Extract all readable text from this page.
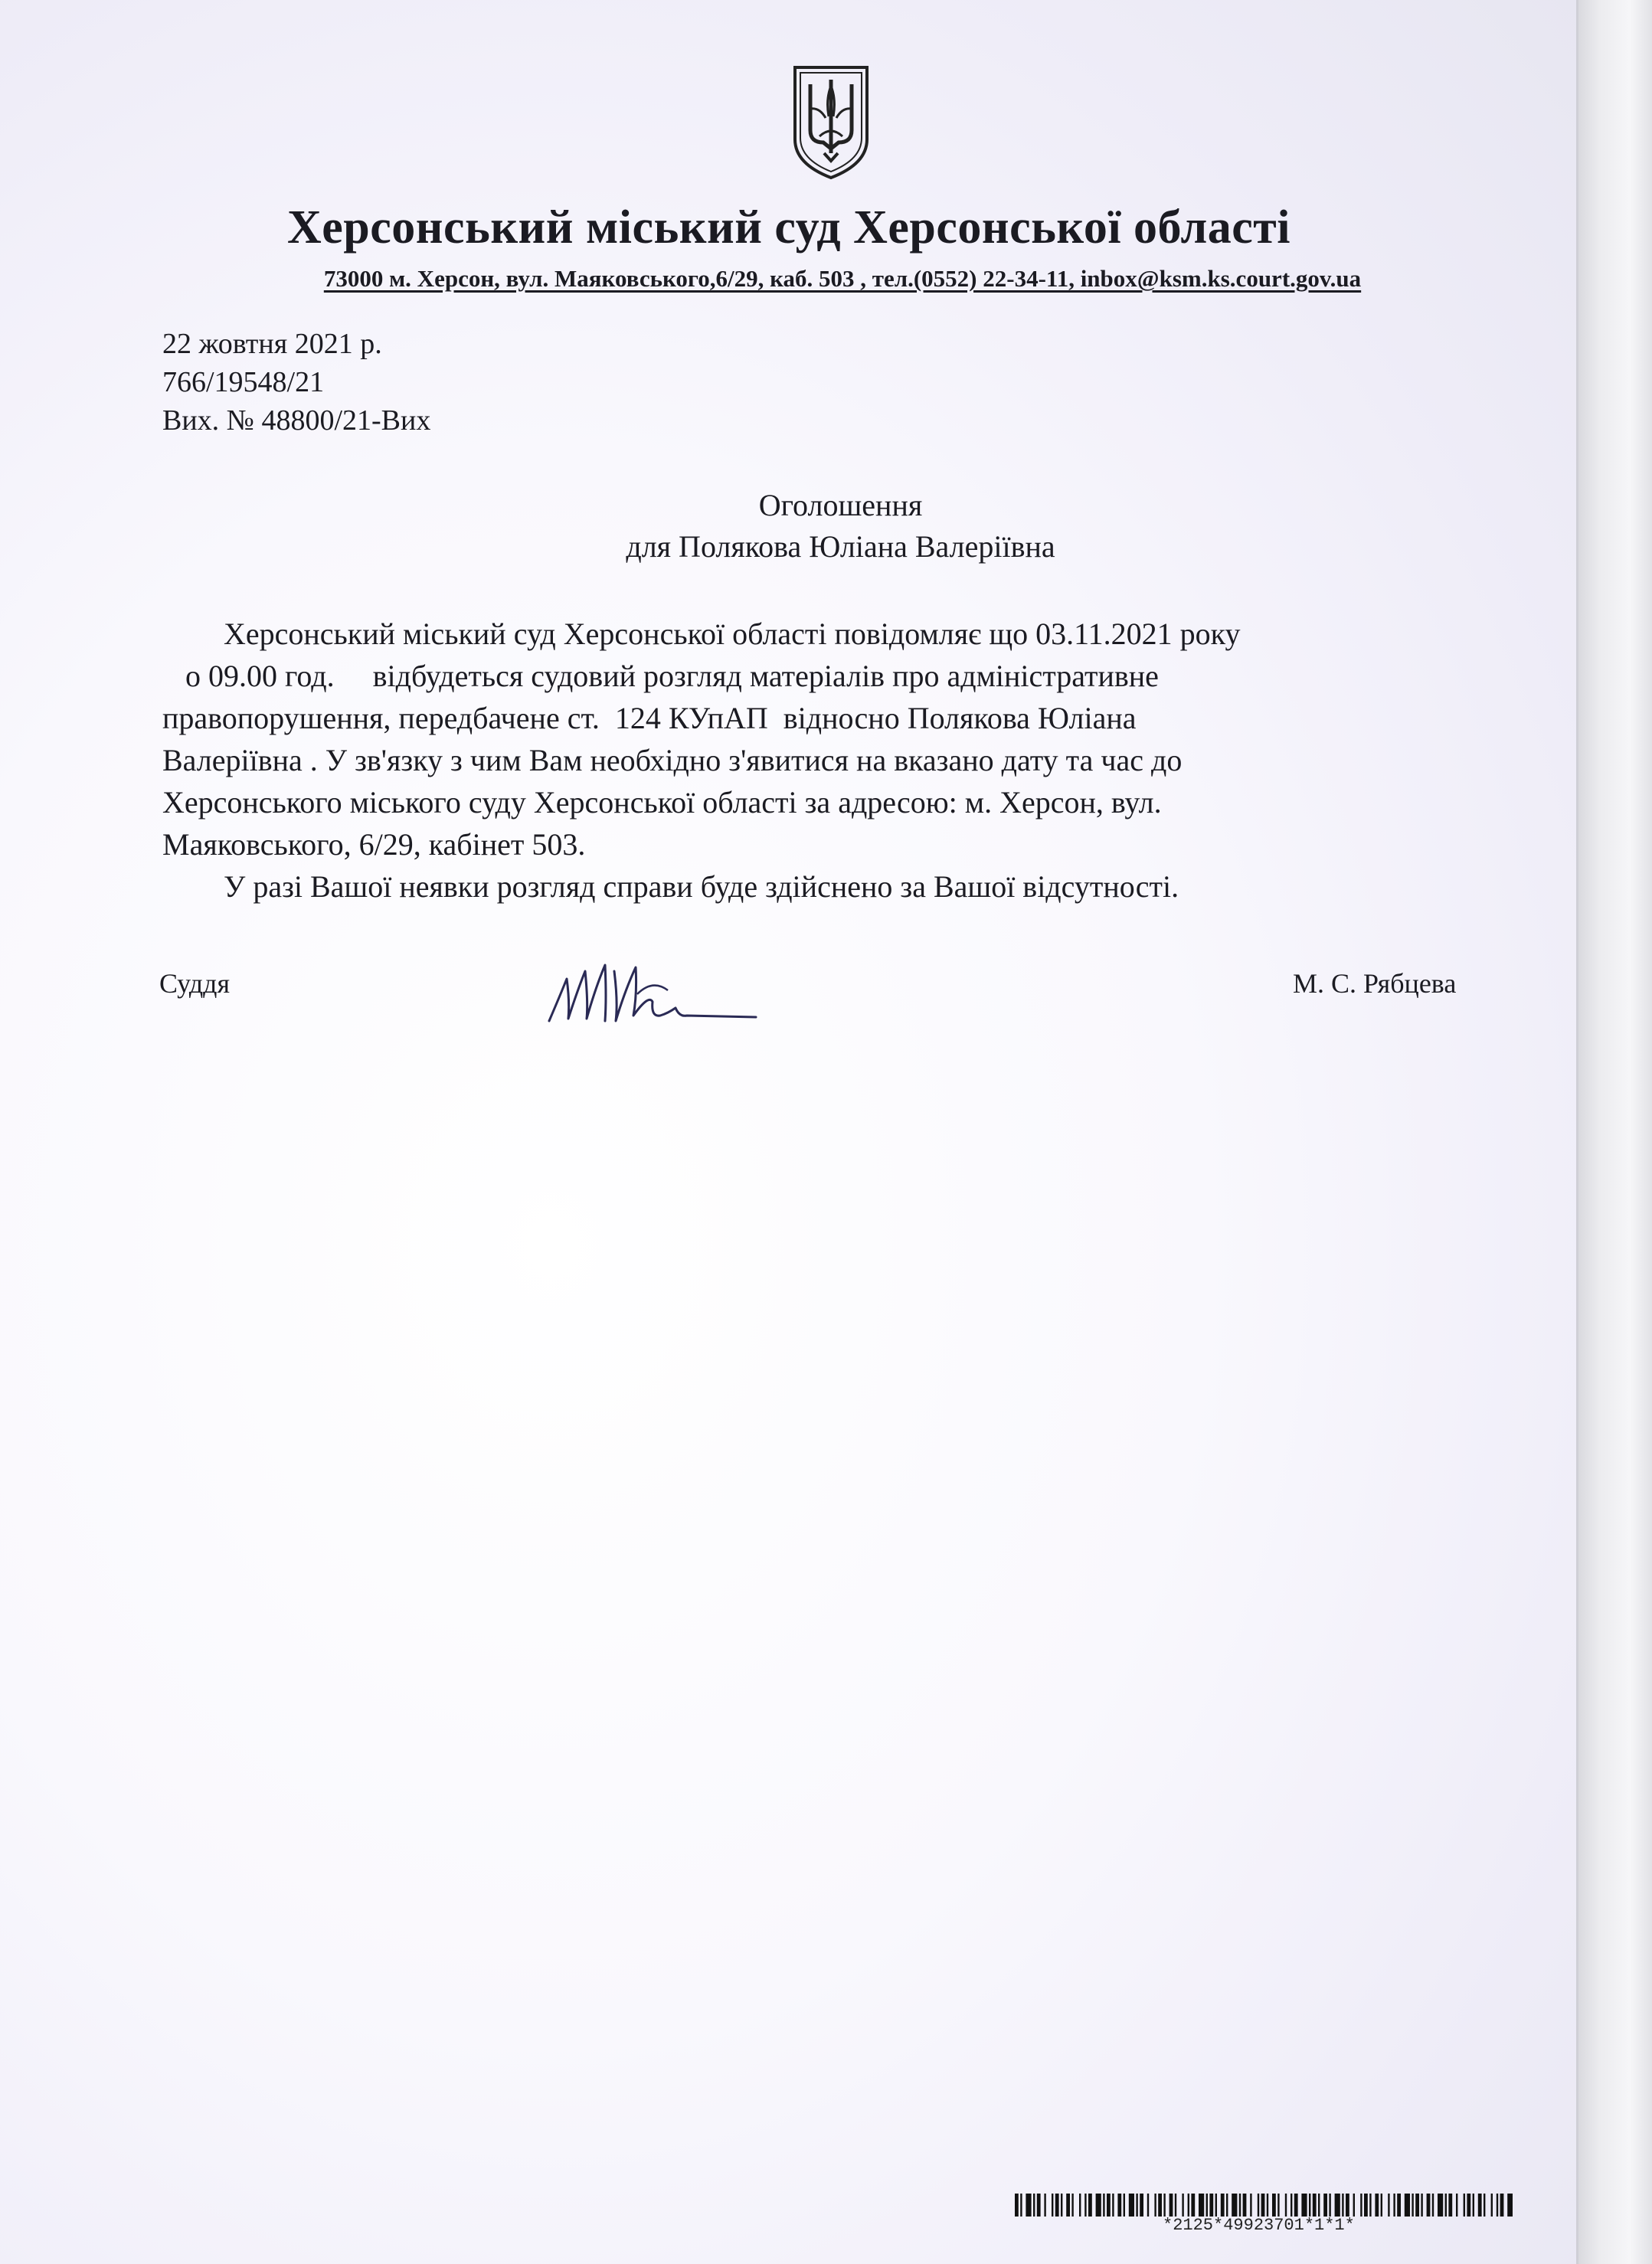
Херсонський міський суд Херсонської області
73000 м. Херсон, вул. Маяковського,6/29, каб. 503 , тел.(0552) 22-34-11, inbox@ksm.ks.court.gov.ua
22 жовтня 2021 р.
766/19548/21
Вих. № 48800/21-Вих
Оголошення
для Полякова Юліана Валеріївна
Херсонський міський суд Херсонської області повідомляє що 03.11.2021 року
о 09.00 год.     відбудеться судовий розгляд матеріалів про адміністративне
правопорушення, передбачене ст.  124 КУпАП  відносно Полякова Юліана
Валеріївна . У зв'язку з чим Вам необхідно з'явитися на вказано дату та час до
Херсонського міського суду Херсонської області за адресою: м. Херсон, вул.
Маяковського, 6/29, кабінет 503.
У разі Вашої неявки розгляд справи буде здійснено за Вашої відсутності.
Суддя	М. С. Рябцева
*2125*49923701*1*1*
